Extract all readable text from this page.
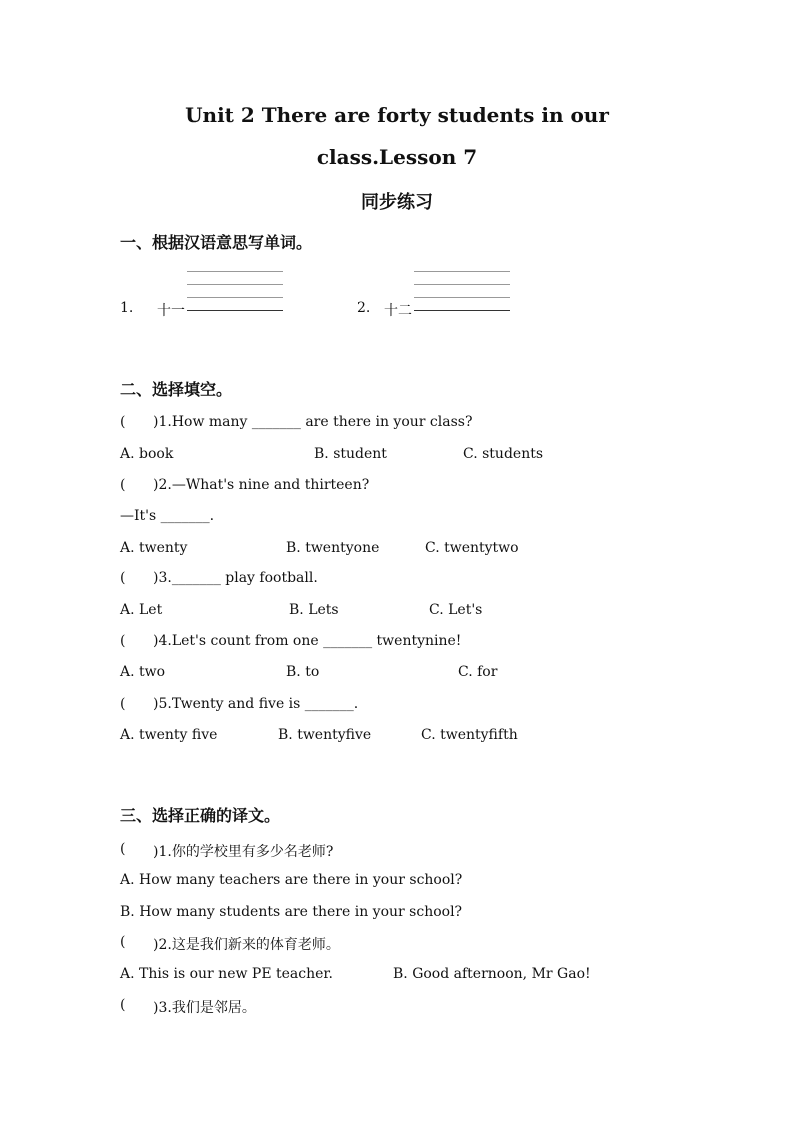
Unit 2 There are forty students in our
class.Lesson 7
同步练习
一、根据汉语意思写单词。
1. 十一	2. 十二
二、选择填空。
( )1.How many _______ are there in your class?
A. book	B. student	C. students
( )2.—What's nine and thirteen?
—It's _______.
A. twenty	B. twentyone	C. twentytwo
( )3._______ play football.
A. Let	B. Lets	C. Let's
( )4.Let's count from one _______ twentynine!
A. two	B. to	C. for
( )5.Twenty and five is _______.
A. twenty five	B. twentyfive	C. twentyfifth
三、选择正确的译文。
( )1.你的学校里有多少名老师?
A. How many teachers are there in your school?
B. How many students are there in your school?
( )2.这是我们新来的体育老师。
A. This is our new PE teacher.	B. Good afternoon, Mr Gao!
( )3.我们是邻居。
